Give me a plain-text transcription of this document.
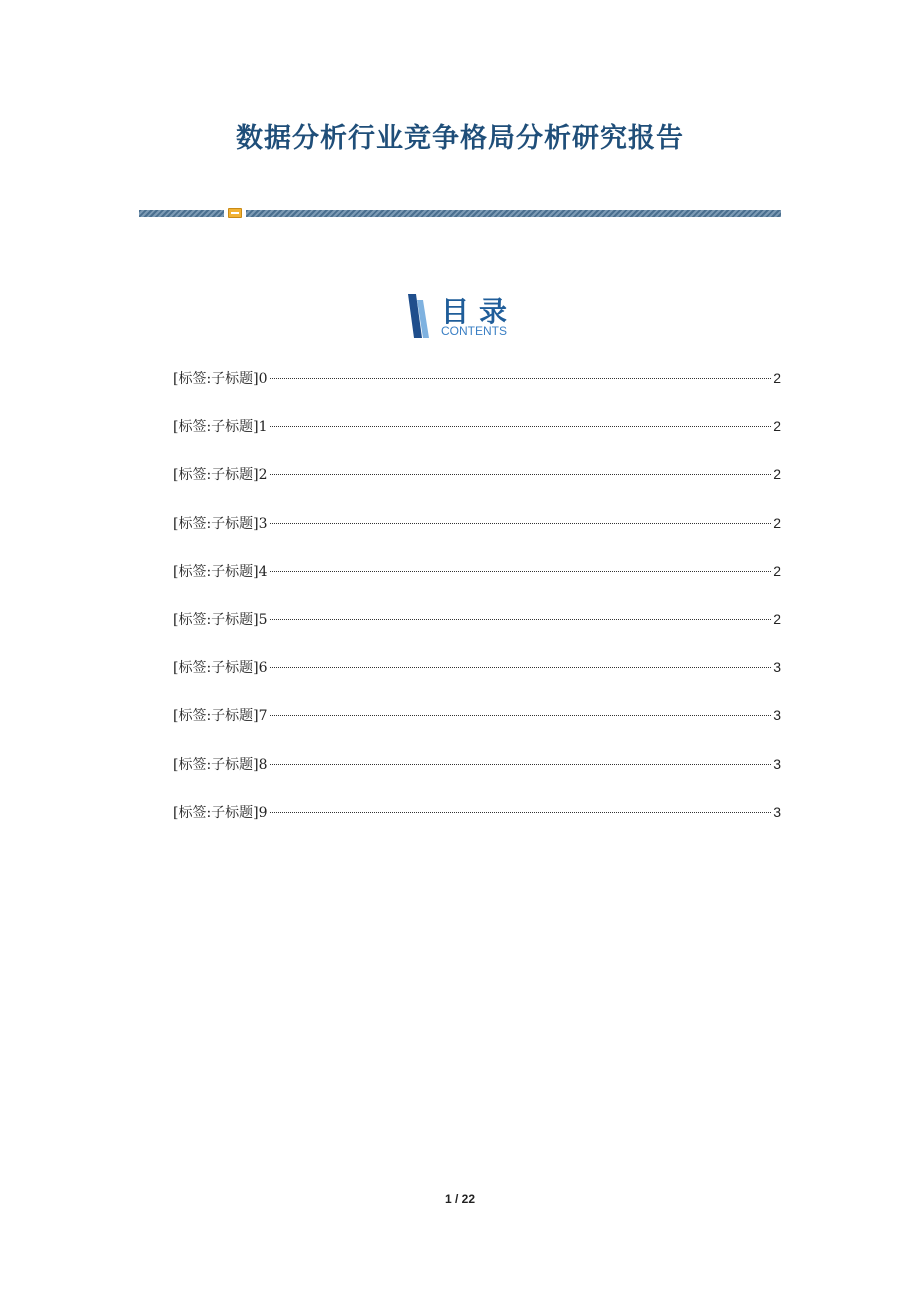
数据分析行业竞争格局分析研究报告
目录
CONTENTS
[标签:子标题]0	2
[标签:子标题]1	2
[标签:子标题]2	2
[标签:子标题]3	2
[标签:子标题]4	2
[标签:子标题]5	2
[标签:子标题]6	3
[标签:子标题]7	3
[标签:子标题]8	3
[标签:子标题]9	3
1 / 22
